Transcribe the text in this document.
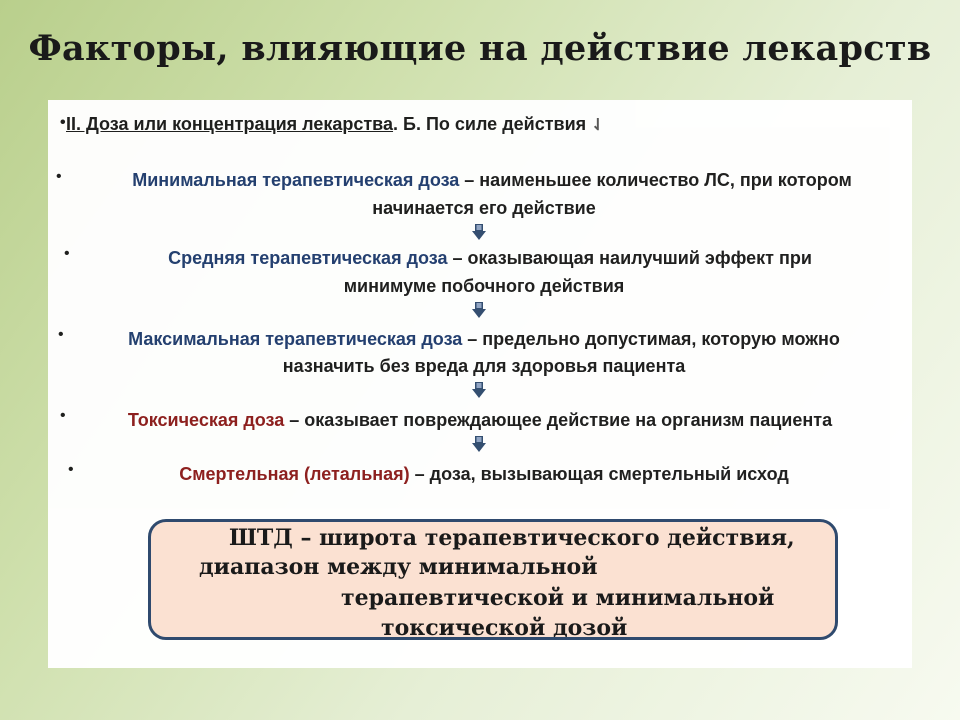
Факторы, влияющие на действие лекарств
• II. Доза или концентрация лекарства. Б. По силе действия ⇃
•	Минимальная терапевтическая доза – наименьшее количество ЛС, при котором
начинается его действие
•	Средняя терапевтическая доза – оказывающая наилучший эффект при
минимуме побочного действия
•	Максимальная терапевтическая доза – предельно допустимая, которую можно
назначить без вреда для здоровья пациента
•	Токсическая доза – оказывает повреждающее действие на организм пациента
•	Смертельная (летальная) – доза, вызывающая смертельный исход
ШТД – широта терапевтического действия,
диапазон между минимальной
терапевтической и минимальной
токсической дозой
